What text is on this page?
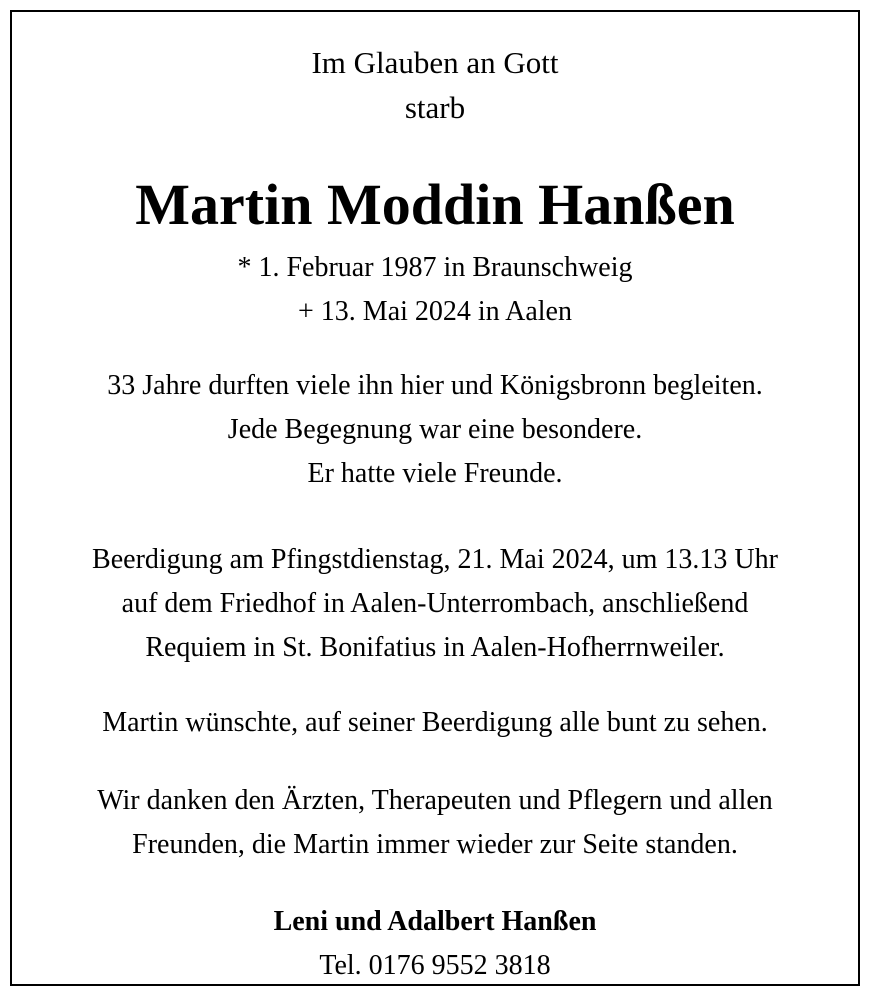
Im Glauben an Gott
starb
Martin Moddin Hanßen
* 1. Februar 1987 in Braunschweig
+ 13. Mai 2024 in Aalen
33 Jahre durften viele ihn hier und Königsbronn begleiten.
Jede Begegnung war eine besondere.
Er hatte viele Freunde.
Beerdigung am Pfingstdienstag, 21. Mai 2024, um 13.13 Uhr
auf dem Friedhof in Aalen-Unterrombach, anschließend
Requiem in St. Bonifatius in Aalen-Hofherrnweiler.
Martin wünschte, auf seiner Beerdigung alle bunt zu sehen.
Wir danken den Ärzten, Therapeuten und Pflegern und allen
Freunden, die Martin immer wieder zur Seite standen.
Leni und Adalbert Hanßen
Tel. 0176 9552 3818
